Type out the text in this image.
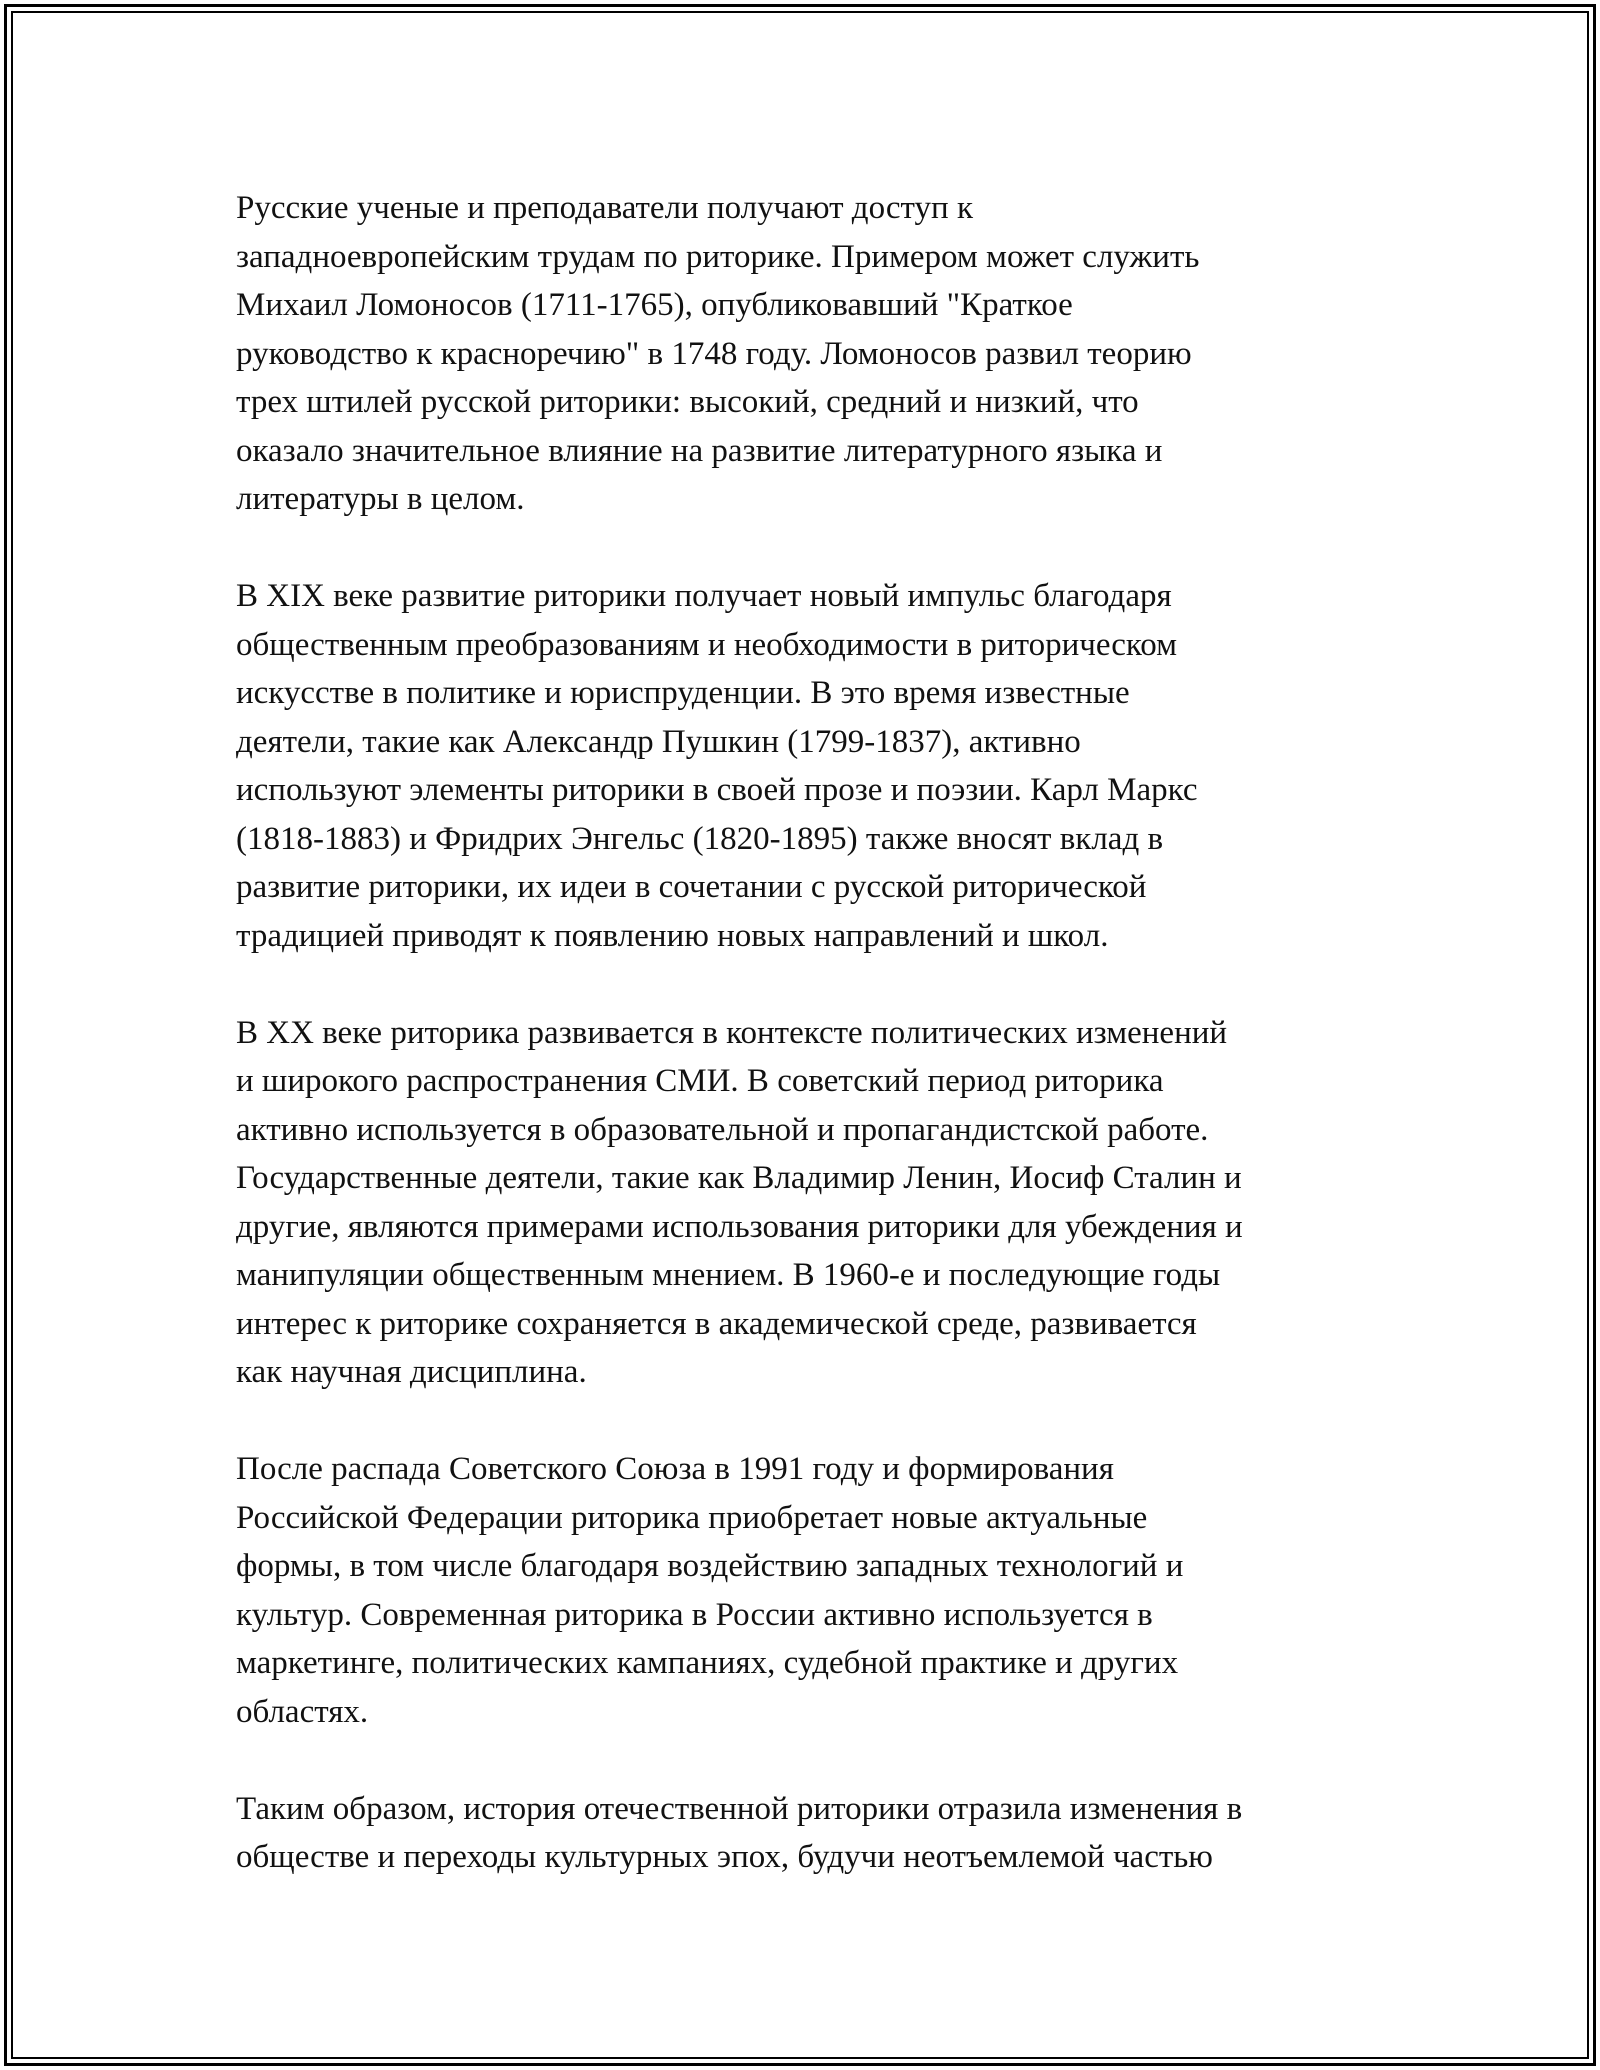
Русские ученые и преподаватели получают доступ к
западноевропейским трудам по риторике. Примером может служить
Михаил Ломоносов (1711-1765), опубликовавший "Краткое
руководство к красноречию" в 1748 году. Ломоносов развил теорию
трех штилей русской риторики: высокий, средний и низкий, что
оказало значительное влияние на развитие литературного языка и
литературы в целом.

В XIX веке развитие риторики получает новый импульс благодаря
общественным преобразованиям и необходимости в риторическом
искусстве в политике и юриспруденции. В это время известные
деятели, такие как Александр Пушкин (1799-1837), активно
используют элементы риторики в своей прозе и поэзии. Карл Маркс
(1818-1883) и Фридрих Энгельс (1820-1895) также вносят вклад в
развитие риторики, их идеи в сочетании с русской риторической
традицией приводят к появлению новых направлений и школ.

В XX веке риторика развивается в контексте политических изменений
и широкого распространения СМИ. В советский период риторика
активно используется в образовательной и пропагандистской работе.
Государственные деятели, такие как Владимир Ленин, Иосиф Сталин и
другие, являются примерами использования риторики для убеждения и
манипуляции общественным мнением. В 1960-е и последующие годы
интерес к риторике сохраняется в академической среде, развивается
как научная дисциплина.

После распада Советского Союза в 1991 году и формирования
Российской Федерации риторика приобретает новые актуальные
формы, в том числе благодаря воздействию западных технологий и
культур. Современная риторика в России активно используется в
маркетинге, политических кампаниях, судебной практике и других
областях.

Таким образом, история отечественной риторики отразила изменения в
обществе и переходы культурных эпох, будучи неотъемлемой частью
